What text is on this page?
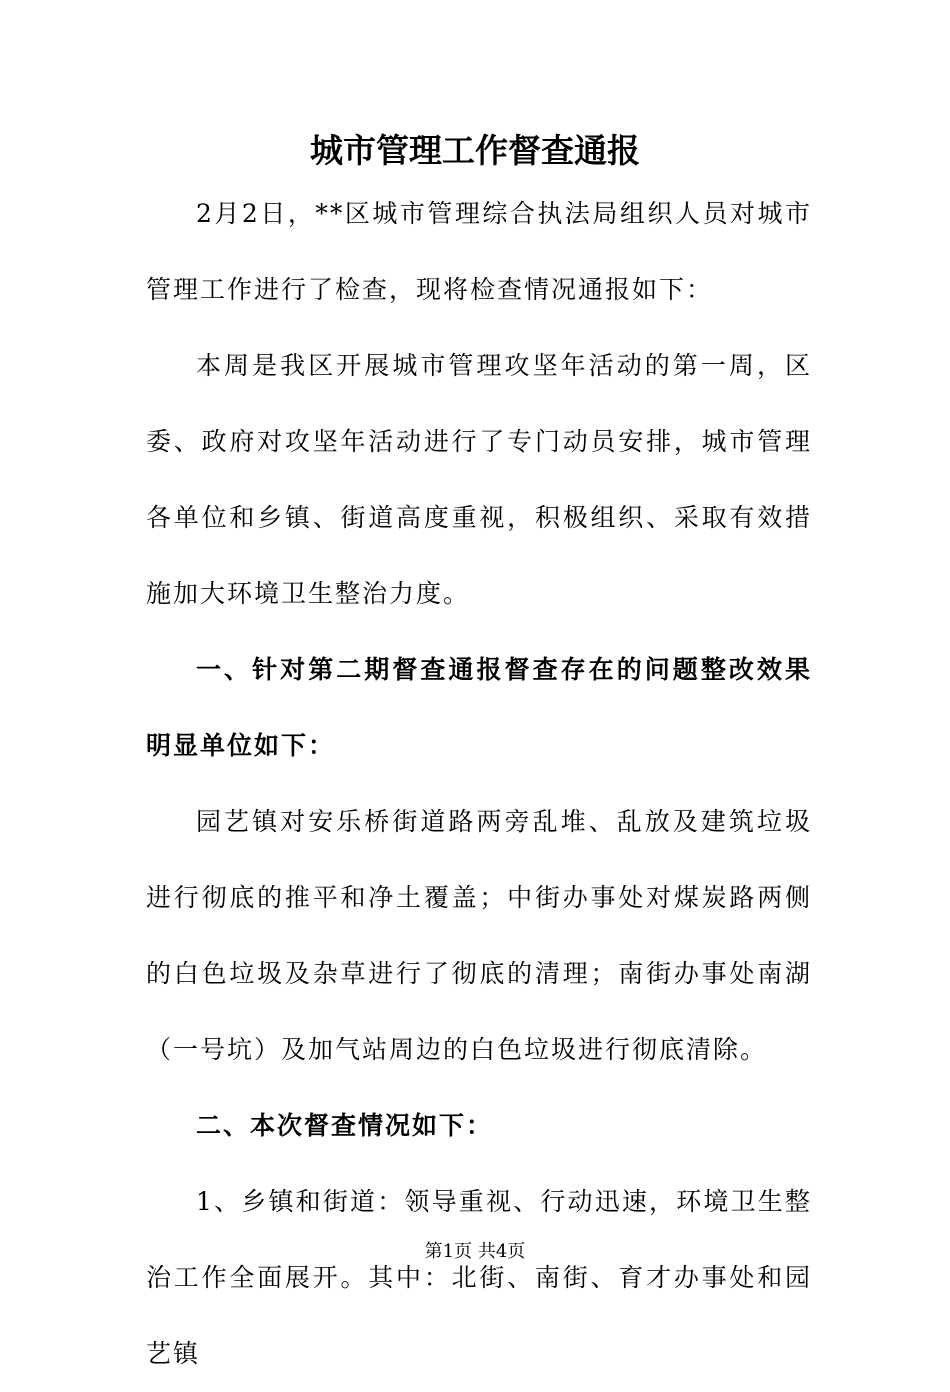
城市管理工作督查通报

2月2日，**区城市管理综合执法局组织人员对城市管理工作进行了检查，现将检查情况通报如下：

本周是我区开展城市管理攻坚年活动的第一周，区委、政府对攻坚年活动进行了专门动员安排，城市管理各单位和乡镇、街道高度重视，积极组织、采取有效措施加大环境卫生整治力度。

一、针对第二期督查通报督查存在的问题整改效果明显单位如下：

园艺镇对安乐桥街道路两旁乱堆、乱放及建筑垃圾进行彻底的推平和净土覆盖；中街办事处对煤炭路两侧的白色垃圾及杂草进行了彻底的清理；南街办事处南湖（一号坑）及加气站周边的白色垃圾进行彻底清除。

二、本次督查情况如下：

1、乡镇和街道：领导重视、行动迅速，环境卫生整治工作全面展开。其中：北街、南街、育才办事处和园艺镇

第1页 共4页
